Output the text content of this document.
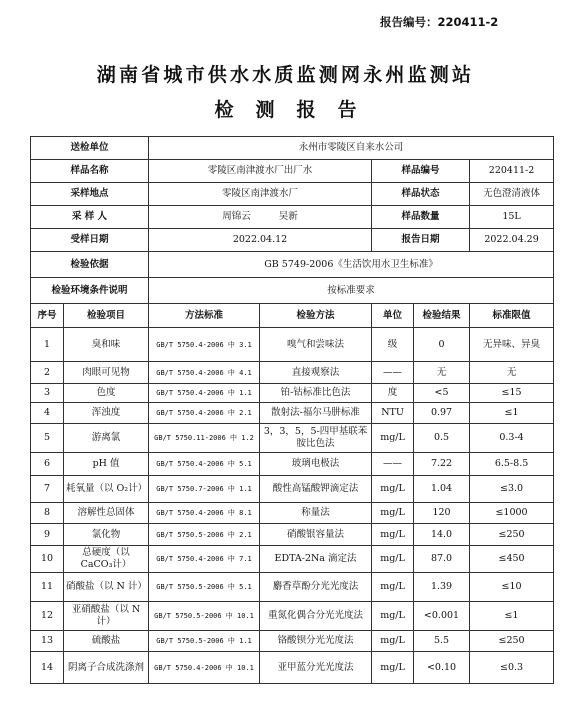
报告编号：220411-2
湖南省城市供水水质监测网永州监测站
检测报告
送检单位		永州市零陵区自来水公司				
样品名称		零陵区南津渡水厂出厂水		样品编号		220411-2
采样地点		零陵区南津渡水厂		样品状态		无色澄清液体
采 样 人		周锦云 吴新		样品数量		15L
受样日期		2022.04.12		报告日期		2022.04.29
检验依据		GB 5749-2006《生活饮用水卫生标准》				
检验环境条件说明		按标准要求				
序号	检验项目	方法标准	检验方法	单位	检验结果	标准限值
1	臭和味	GB/T 5750.4-2006 中 3.1	嗅气和尝味法	级	0	无异味、异臭
2	肉眼可见物	GB/T 5750.4-2006 中 4.1	直接观察法	——	无	无
3	色度	GB/T 5750.4-2006 中 1.1	铂-钴标准比色法	度	<5	≤15
4	浑浊度	GB/T 5750.4-2006 中 2.1	散射法-福尔马肼标准	NTU	0.97	≤1
5	游离氯	GB/T 5750.11-2006 中 1.2	3，3，5，5-四甲基联苯胺比色法	mg/L	0.5	0.3-4
6	pH 值	GB/T 5750.4-2006 中 5.1	玻璃电极法	——	7.22	6.5-8.5
7	耗氧量（以 O₂计）	GB/T 5750.7-2006 中 1.1	酸性高锰酸钾滴定法	mg/L	1.04	≤3.0
8	溶解性总固体	GB/T 5750.4-2006 中 8.1	称量法	mg/L	120	≤1000
9	氯化物	GB/T 5750.5-2006 中 2.1	硝酸银容量法	mg/L	14.0	≤250
10	总硬度（以 CaCO₃计）	GB/T 5750.4-2006 中 7.1	EDTA-2Na 滴定法	mg/L	87.0	≤450
11	硝酸盐（以 N 计）	GB/T 5750.5-2006 中 5.1	麝香草酚分光光度法	mg/L	1.39	≤10
12	亚硝酸盐（以 N 计）	GB/T 5750.5-2006 中 10.1	重氮化偶合分光光度法	mg/L	<0.001	≤1
13	硫酸盐	GB/T 5750.5-2006 中 1.1	铬酸钡分光光度法	mg/L	5.5	≤250
14	阴离子合成洗涤剂	GB/T 5750.4-2006 中 10.1	亚甲蓝分光光度法	mg/L	<0.10	≤0.3
